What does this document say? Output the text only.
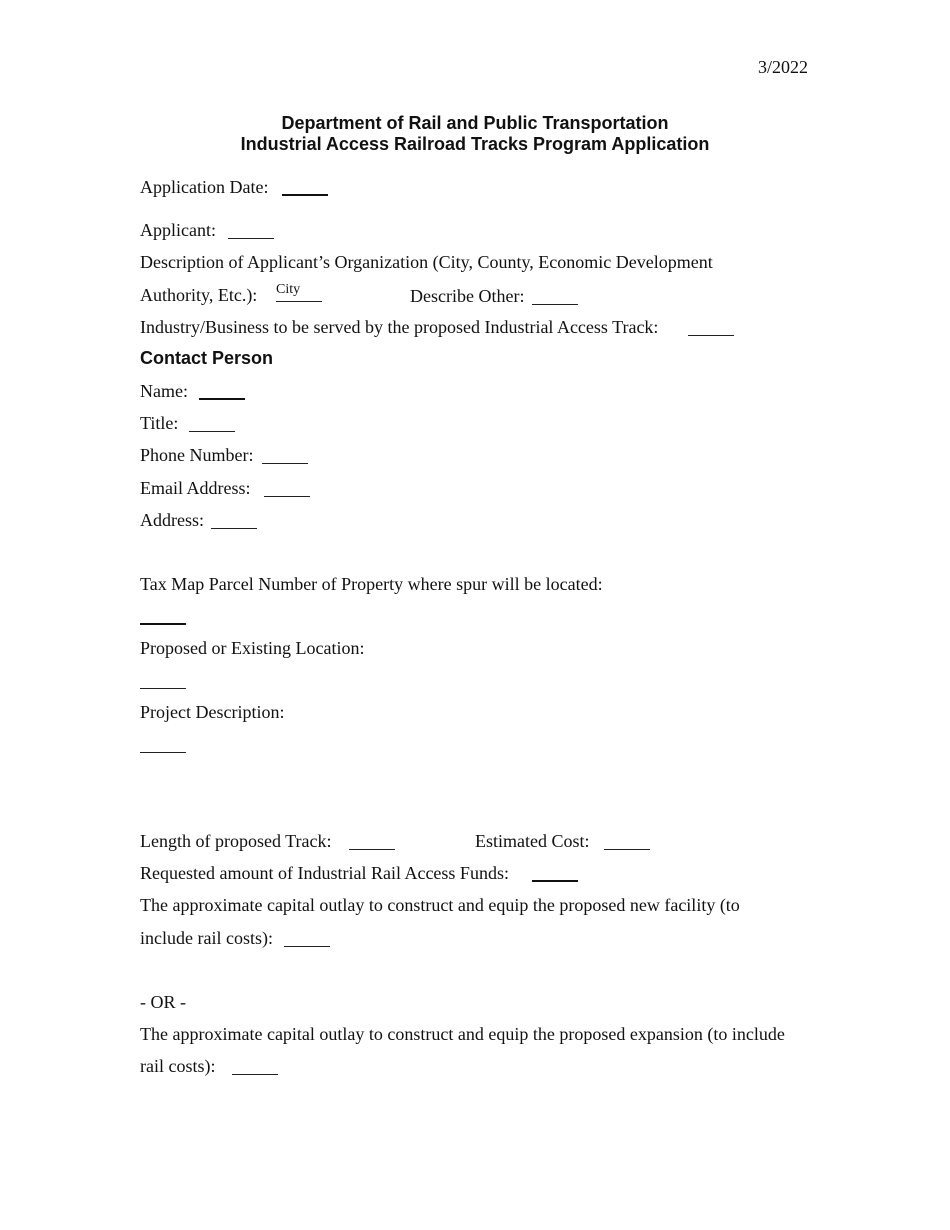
3/2022
Department of Rail and Public Transportation
Industrial Access Railroad Tracks Program Application
Application Date:
Applicant:
Description of Applicant’s Organization (City, County, Economic Development
Authority, Etc.): City	Describe Other:
Industry/Business to be served by the proposed Industrial Access Track:
Contact Person
Name:
Title:
Phone Number:
Email Address:
Address:
Tax Map Parcel Number of Property where spur will be located:
Proposed or Existing Location:
Project Description:
Length of proposed Track:	Estimated Cost:
Requested amount of Industrial Rail Access Funds:
The approximate capital outlay to construct and equip the proposed new facility (to
include rail costs):
- OR -
The approximate capital outlay to construct and equip the proposed expansion (to include
rail costs):
